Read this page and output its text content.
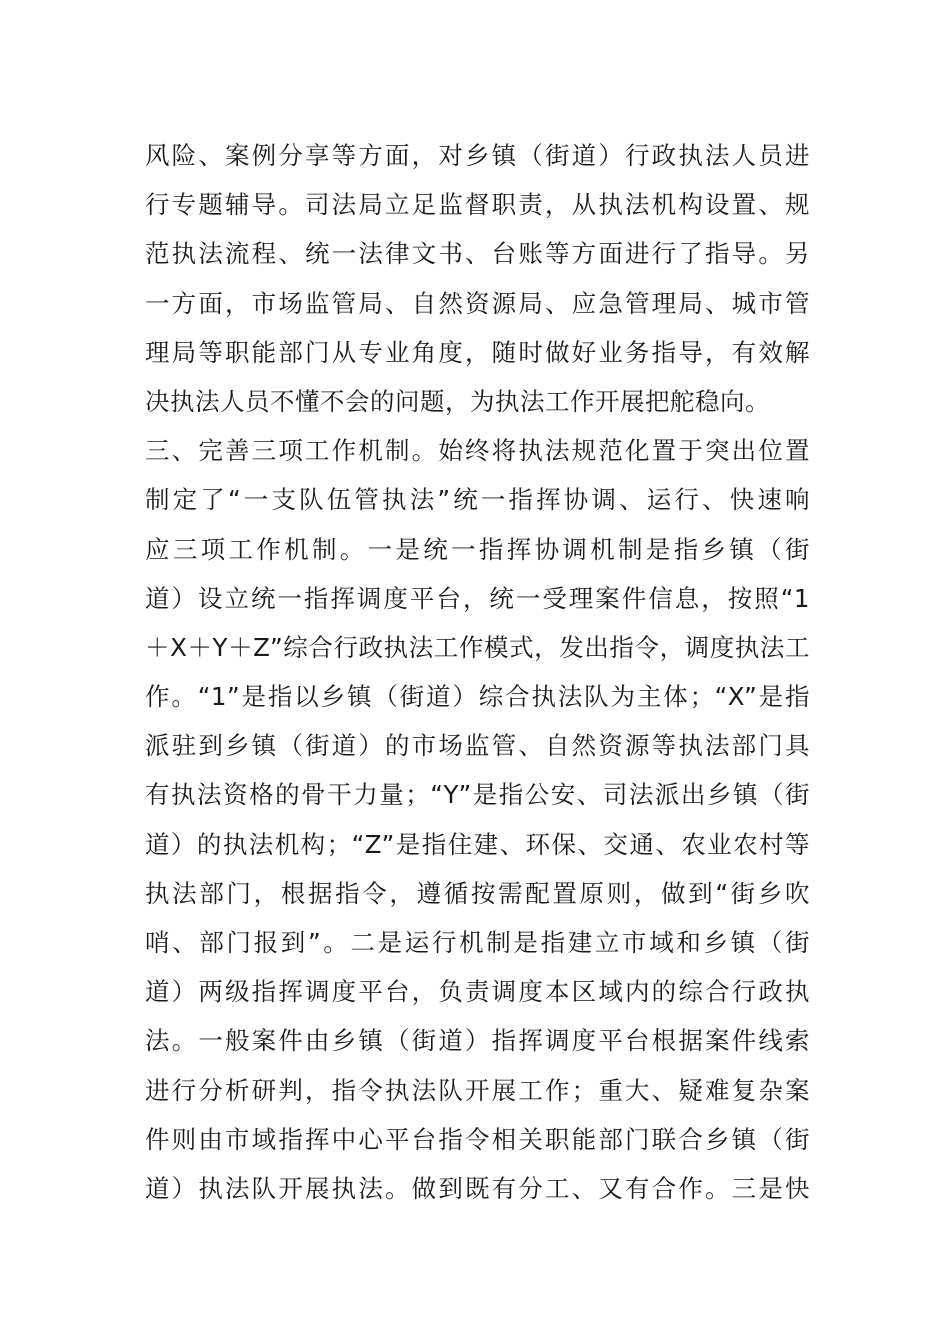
风险、案例分享等方面，对乡镇（街道）行政执法人员进
行专题辅导。司法局立足监督职责，从执法机构设置、规
范执法流程、统一法律文书、台账等方面进行了指导。另
一方面，市场监管局、自然资源局、应急管理局、城市管
理局等职能部门从专业角度，随时做好业务指导，有效解
决执法人员不懂不会的问题，为执法工作开展把舵稳向。
三、完善三项工作机制。始终将执法规范化置于突出位置
制定了“一支队伍管执法”统一指挥协调、运行、快速响
应三项工作机制。一是统一指挥协调机制是指乡镇（街
道）设立统一指挥调度平台，统一受理案件信息，按照“1
＋X＋Y＋Z”综合行政执法工作模式，发出指令，调度执法工
作。“1”是指以乡镇（街道）综合执法队为主体；“X”是指
派驻到乡镇（街道）的市场监管、自然资源等执法部门具
有执法资格的骨干力量；“Y”是指公安、司法派出乡镇（街
道）的执法机构；“Z”是指住建、环保、交通、农业农村等
执法部门，根据指令，遵循按需配置原则，做到“街乡吹
哨、部门报到”。二是运行机制是指建立市域和乡镇（街
道）两级指挥调度平台，负责调度本区域内的综合行政执
法。一般案件由乡镇（街道）指挥调度平台根据案件线索
进行分析研判，指令执法队开展工作；重大、疑难复杂案
件则由市域指挥中心平台指令相关职能部门联合乡镇（街
道）执法队开展执法。做到既有分工、又有合作。三是快
